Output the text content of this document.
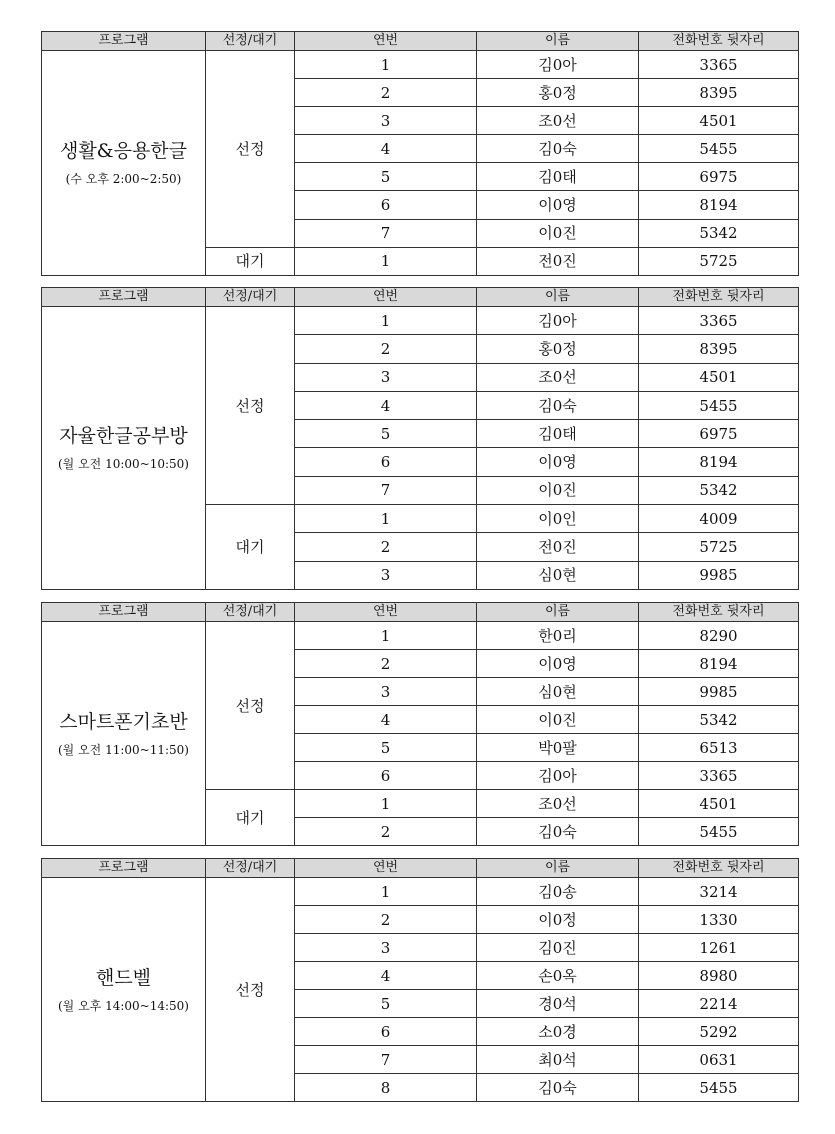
프로그램	선정/대기	연번	이름	전화번호 뒷자리

생활&응용한글
(수 오후 2:00~2:50)	선정	1	김0아	3365
		2	홍0정	8395
		3	조0선	4501
		4	김0숙	5455
		5	김0태	6975
		6	이0영	8194
		7	이0진	5342
	대기	1	전0진	5725
프로그램	선정/대기	연번	이름	전화번호 뒷자리

자율한글공부방
(월 오전 10:00~10:50)	선정	1	김0아	3365
		2	홍0정	8395
		3	조0선	4501
		4	김0숙	5455
		5	김0태	6975
		6	이0영	8194
		7	이0진	5342
	대기	1	이0인	4009
		2	전0진	5725
		3	심0현	9985
프로그램	선정/대기	연번	이름	전화번호 뒷자리

스마트폰기초반
(월 오전 11:00~11:50)	선정	1	한0리	8290
		2	이0영	8194
		3	심0현	9985
		4	이0진	5342
		5	박0팔	6513
		6	김0아	3365
	대기	1	조0선	4501
		2	김0숙	5455
프로그램	선정/대기	연번	이름	전화번호 뒷자리

핸드벨
(월 오후 14:00~14:50)	선정	1	김0송	3214
		2	이0정	1330
		3	김0진	1261
		4	손0옥	8980
		5	경0석	2214
		6	소0경	5292
		7	최0석	0631
		8	김0숙	5455
